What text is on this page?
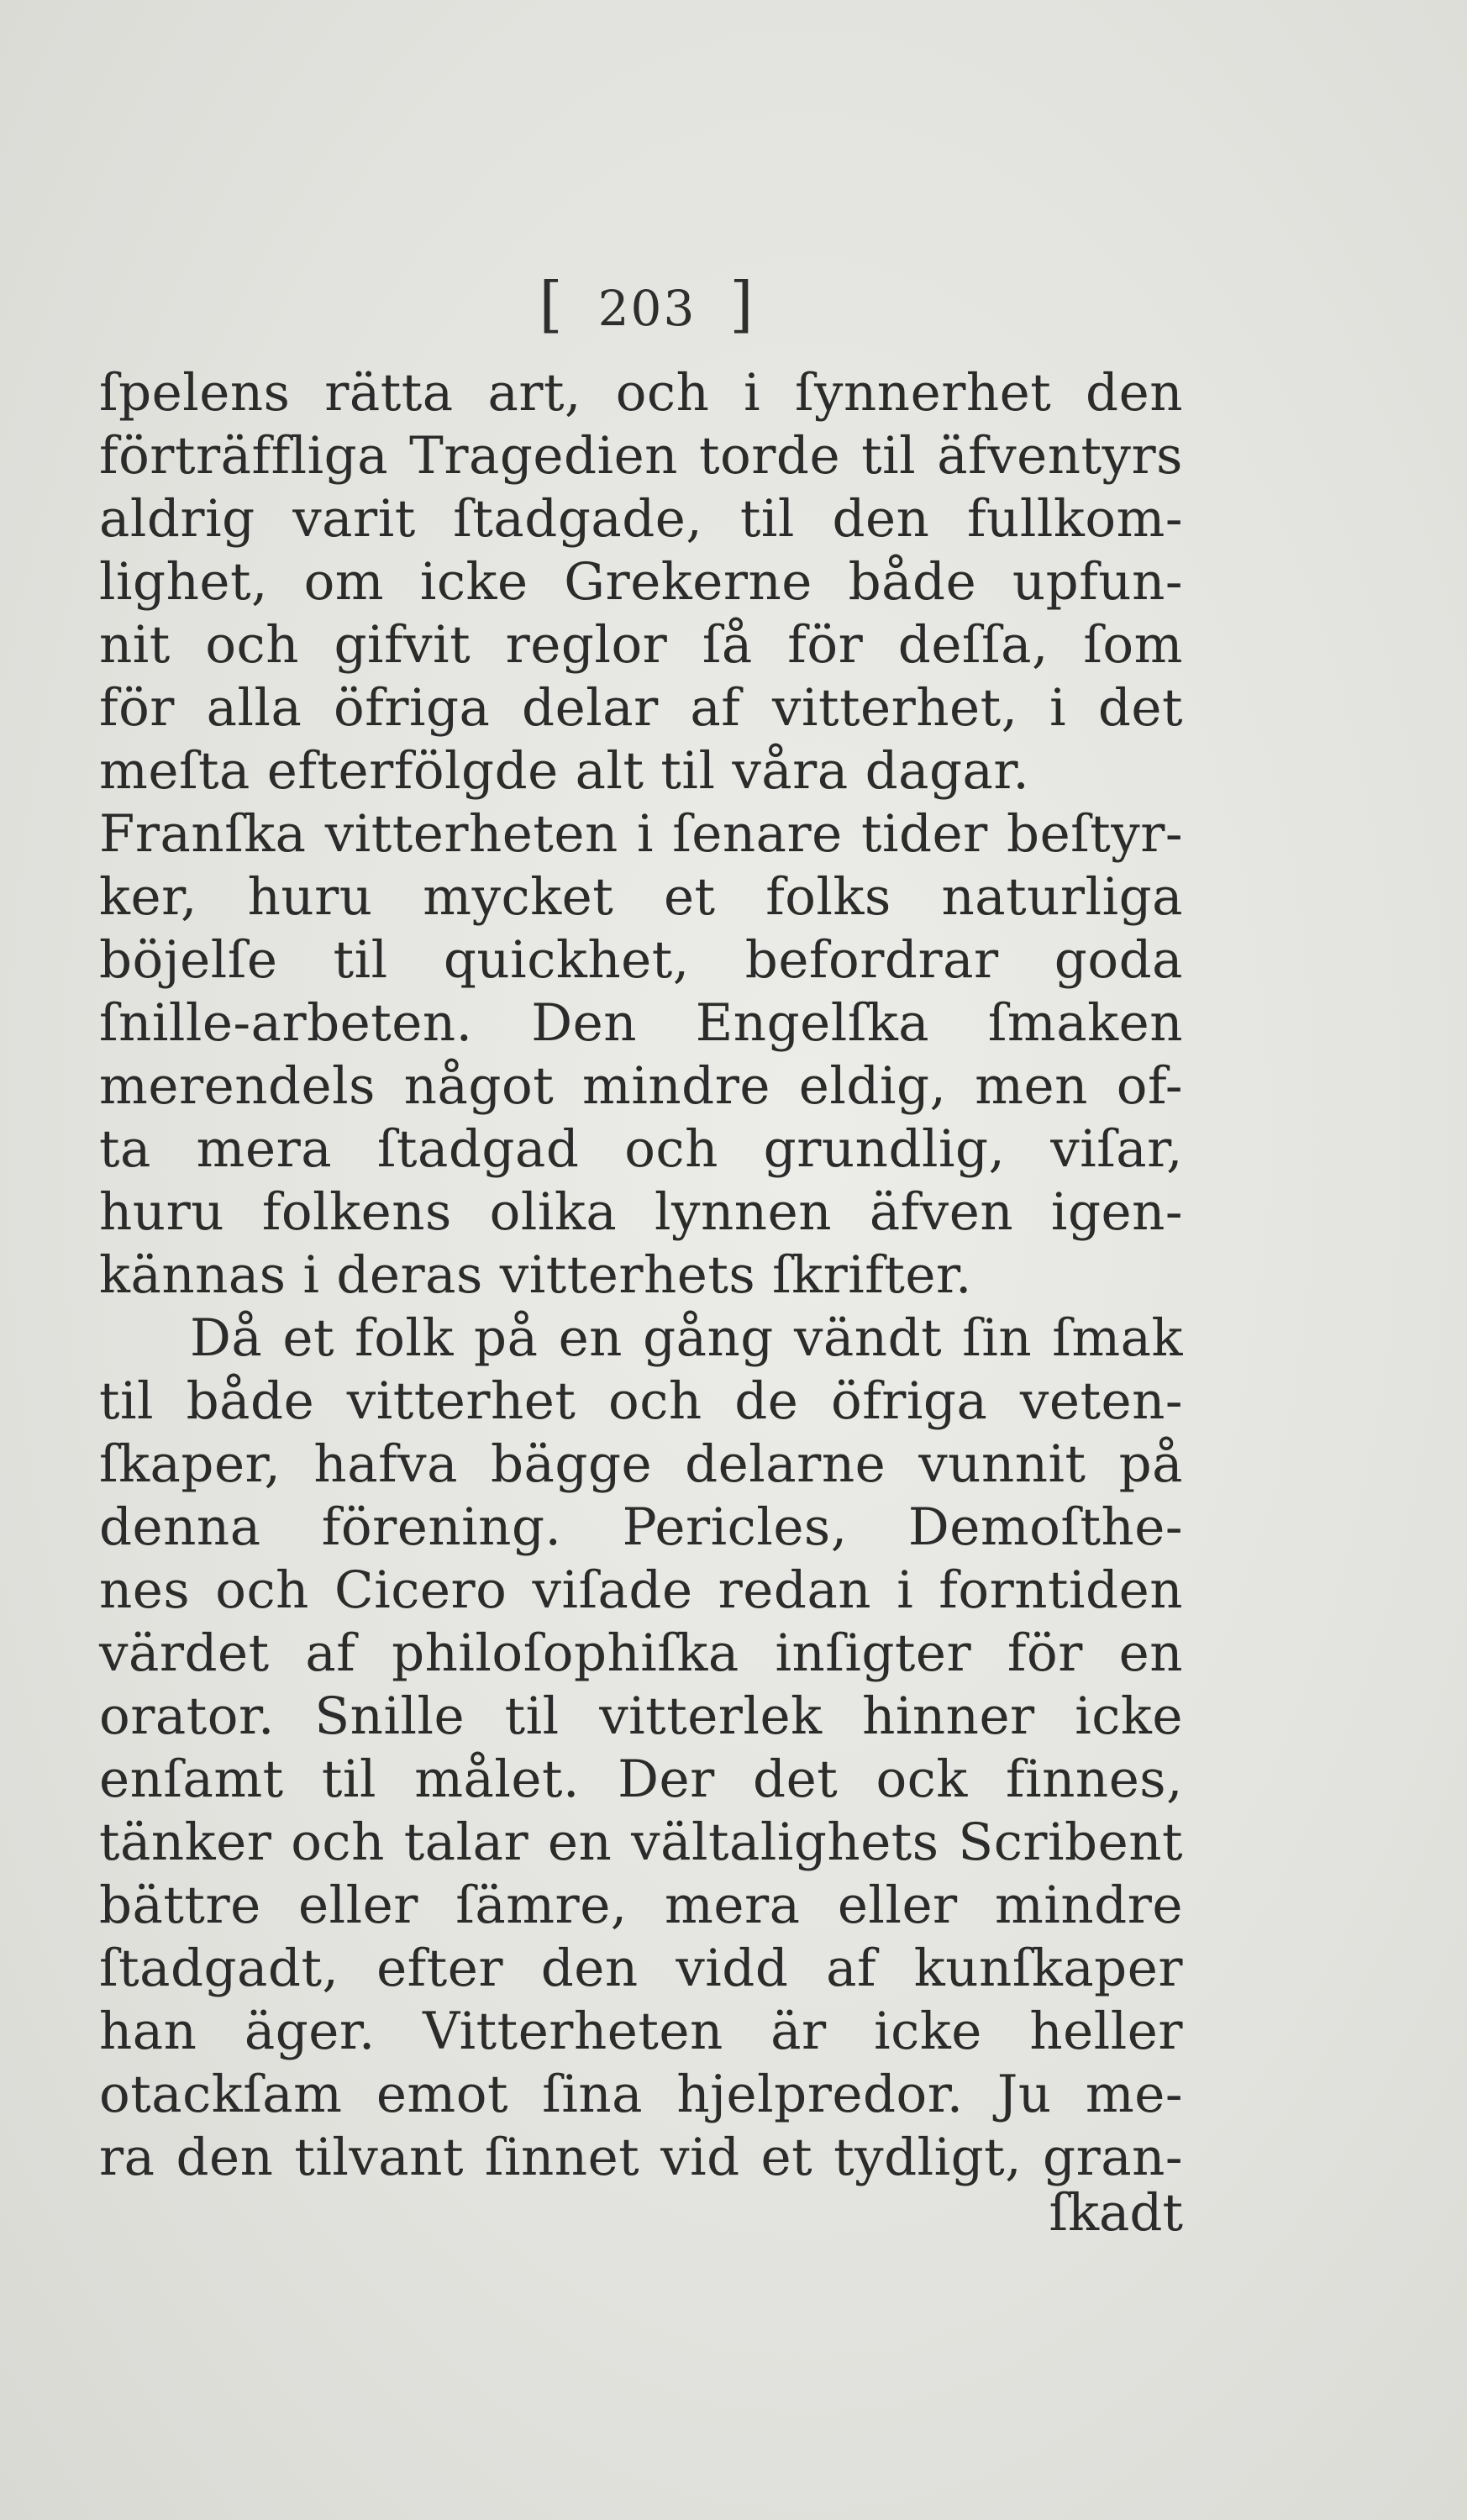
[ 203 ]
ſpelens rätta art, och i ſynnerhet den
förträffliga Tragedien torde til äfventyrs
aldrig varit ſtadgade, til den fullkom-
lighet, om icke Grekerne både upfun-
nit och gifvit reglor ſå för deſſa, ſom
för alla öfriga delar af vitterhet, i det
meſta efterfölgde alt til våra dagar.
Franſka vitterheten i ſenare tider beſtyr-
ker, huru mycket et folks naturliga
böjelſe til quickhet, befordrar goda
ſnille-arbeten. Den Engelſka ſmaken
merendels något mindre eldig, men of-
ta mera ſtadgad och grundlig, viſar,
huru folkens olika lynnen äfven igen-
kännas i deras vitterhets ſkrifter.
Då et folk på en gång vändt ſin ſmak
til både vitterhet och de öfriga veten-
ſkaper, hafva bägge delarne vunnit på
denna förening. Pericles, Demoſthe-
nes och Cicero viſade redan i forntiden
värdet af philoſophiſka inſigter för en
orator. Snille til vitterlek hinner icke
enſamt til målet. Der det ock finnes,
tänker och talar en vältalighets Scribent
bättre eller ſämre, mera eller mindre
ſtadgadt, efter den vidd af kunſkaper
han äger. Vitterheten är icke heller
otackſam emot ſina hjelpredor. Ju me-
ra den tilvant ſinnet vid et tydligt, gran-
ſkadt
